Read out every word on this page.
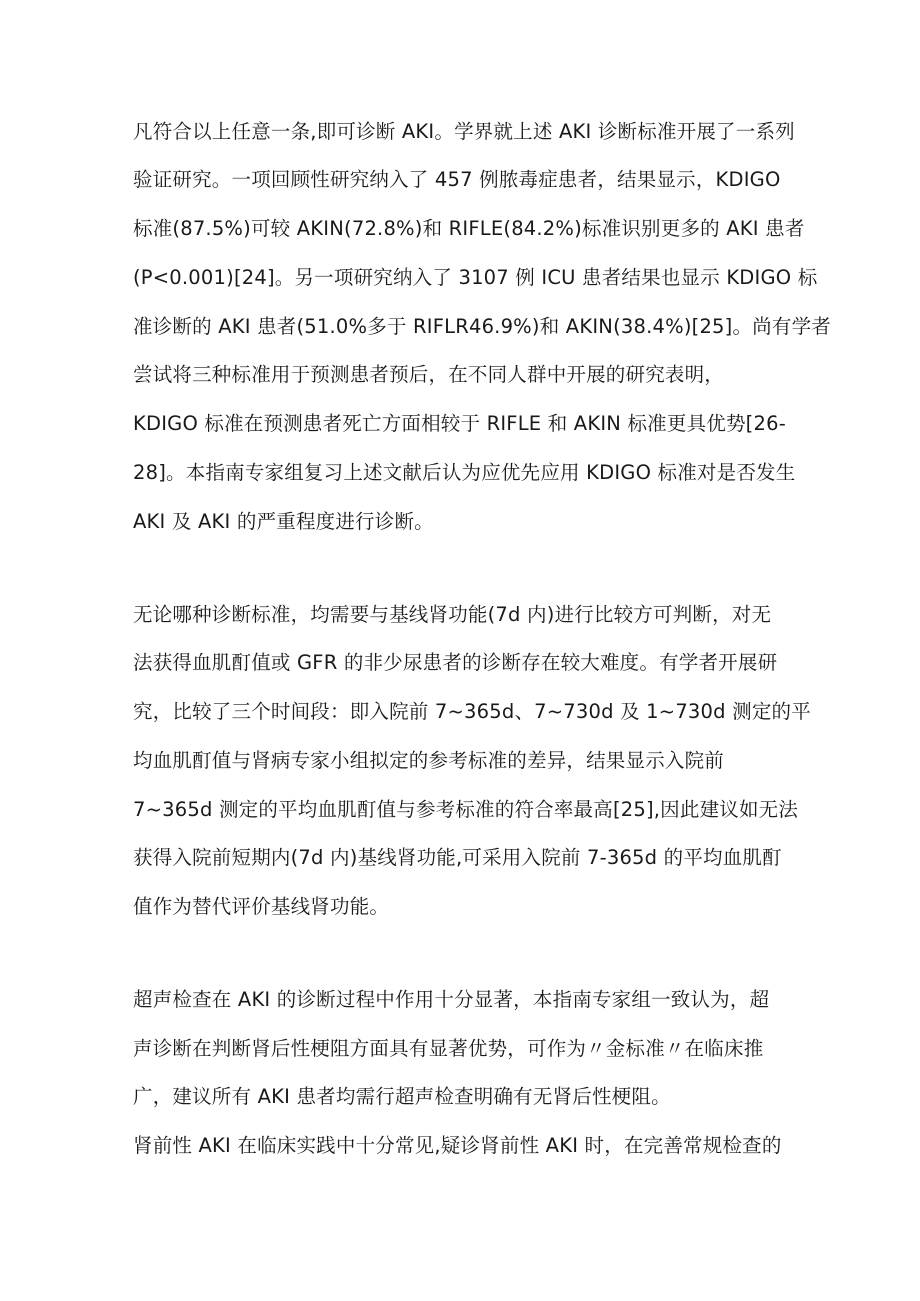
凡符合以上任意一条,即可诊断 AKI。学界就上述 AKI 诊断标准开展了一系列

验证研究。一项回顾性研究纳入了 457 例脓毒症患者，结果显示，KDIGO

标准(87.5%)可较 AKIN(72.8%)和 RIFLE(84.2%)标准识别更多的 AKI 患者

(P<0.001)[24]。另一项研究纳入了 3107 例 ICU 患者结果也显示 KDIGO 标

准诊断的 AKI 患者(51.0%多于 RIFLR46.9%)和 AKIN(38.4%)[25]。尚有学者

尝试将三种标准用于预测患者预后，在不同人群中开展的研究表明，

KDIGO 标准在预测患者死亡方面相较于 RIFLE 和 AKIN 标准更具优势[26-

28]。本指南专家组复习上述文献后认为应优先应用 KDIGO 标准对是否发生

AKI 及 AKI 的严重程度进行诊断。

无论哪种诊断标准，均需要与基线肾功能(7d 内)进行比较方可判断，对无

法获得血肌酊值或 GFR 的非少尿患者的诊断存在较大难度。有学者开展研

究，比较了三个时间段：即入院前 7~365d、7~730d 及 1~730d 测定的平

均血肌酊值与肾病专家小组拟定的参考标准的差异，结果显示入院前

7~365d 测定的平均血肌酊值与参考标准的符合率最高[25],因此建议如无法

获得入院前短期内(7d 内)基线肾功能,可采用入院前 7-365d 的平均血肌酊

值作为替代评价基线肾功能。

超声检查在 AKI 的诊断过程中作用十分显著，本指南专家组一致认为，超

声诊断在判断肾后性梗阻方面具有显著优势，可作为〃金标准〃在临床推

广，建议所有 AKI 患者均需行超声检查明确有无肾后性梗阻。

肾前性 AKI 在临床实践中十分常见,疑诊肾前性 AKI 时，在完善常规检查的
